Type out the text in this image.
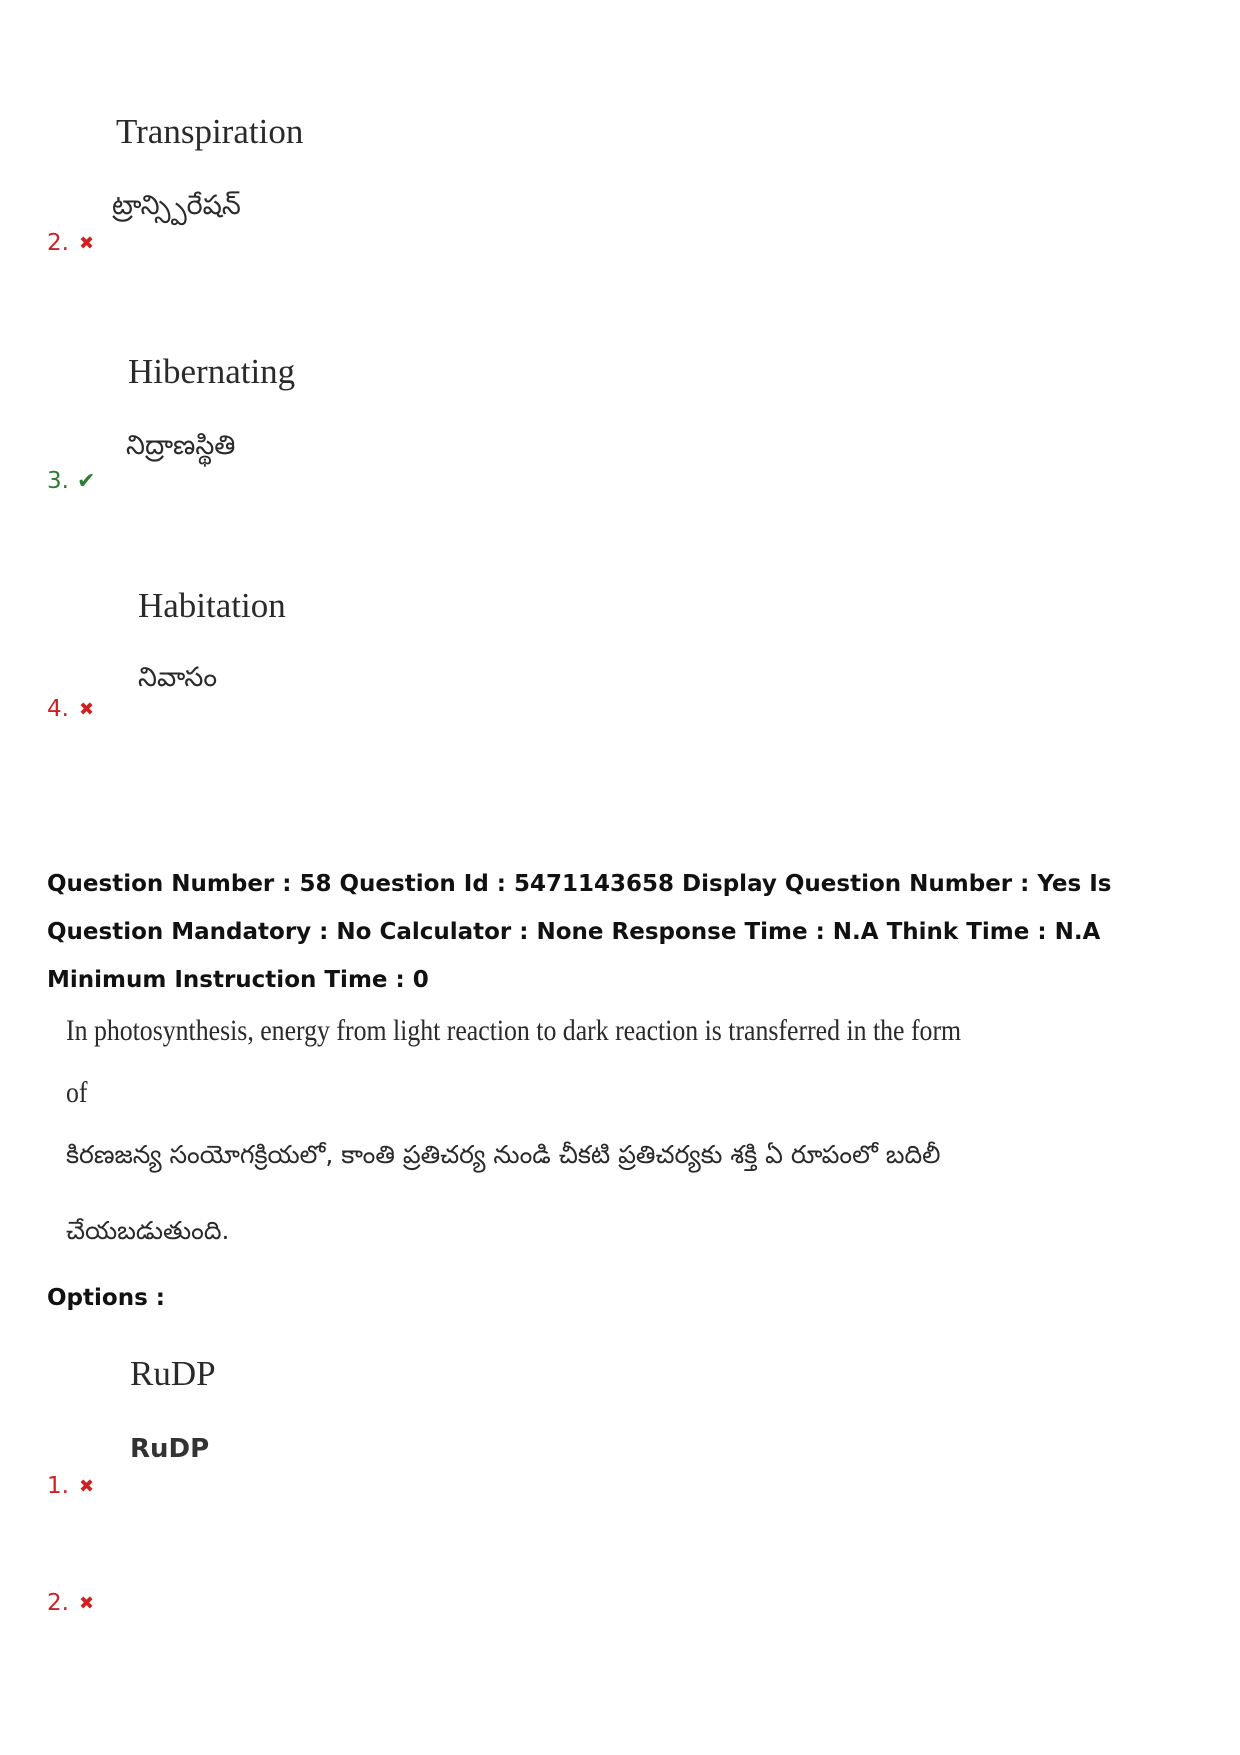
Transpiration
ట్రాన్స్పిరేషన్
2. ✖
Hibernating
నిద్రాణస్థితి
3. ✔
Habitation
నివాసం
4. ✖
Question Number : 58 Question Id : 5471143658 Display Question Number : Yes Is Question Mandatory : No Calculator : None Response Time : N.A Think Time : N.A Minimum Instruction Time : 0
In photosynthesis, energy from light reaction to dark reaction is transferred in the form
of
కిరణజన్య సంయోగక్రియలో, కాంతి ప్రతిచర్య నుండి చీకటి ప్రతిచర్యకు శక్తి ఏ రూపంలో బదిలీ
చేయబడుతుంది.
Options :
RuDP
RuDP
1. ✖
2. ✖
